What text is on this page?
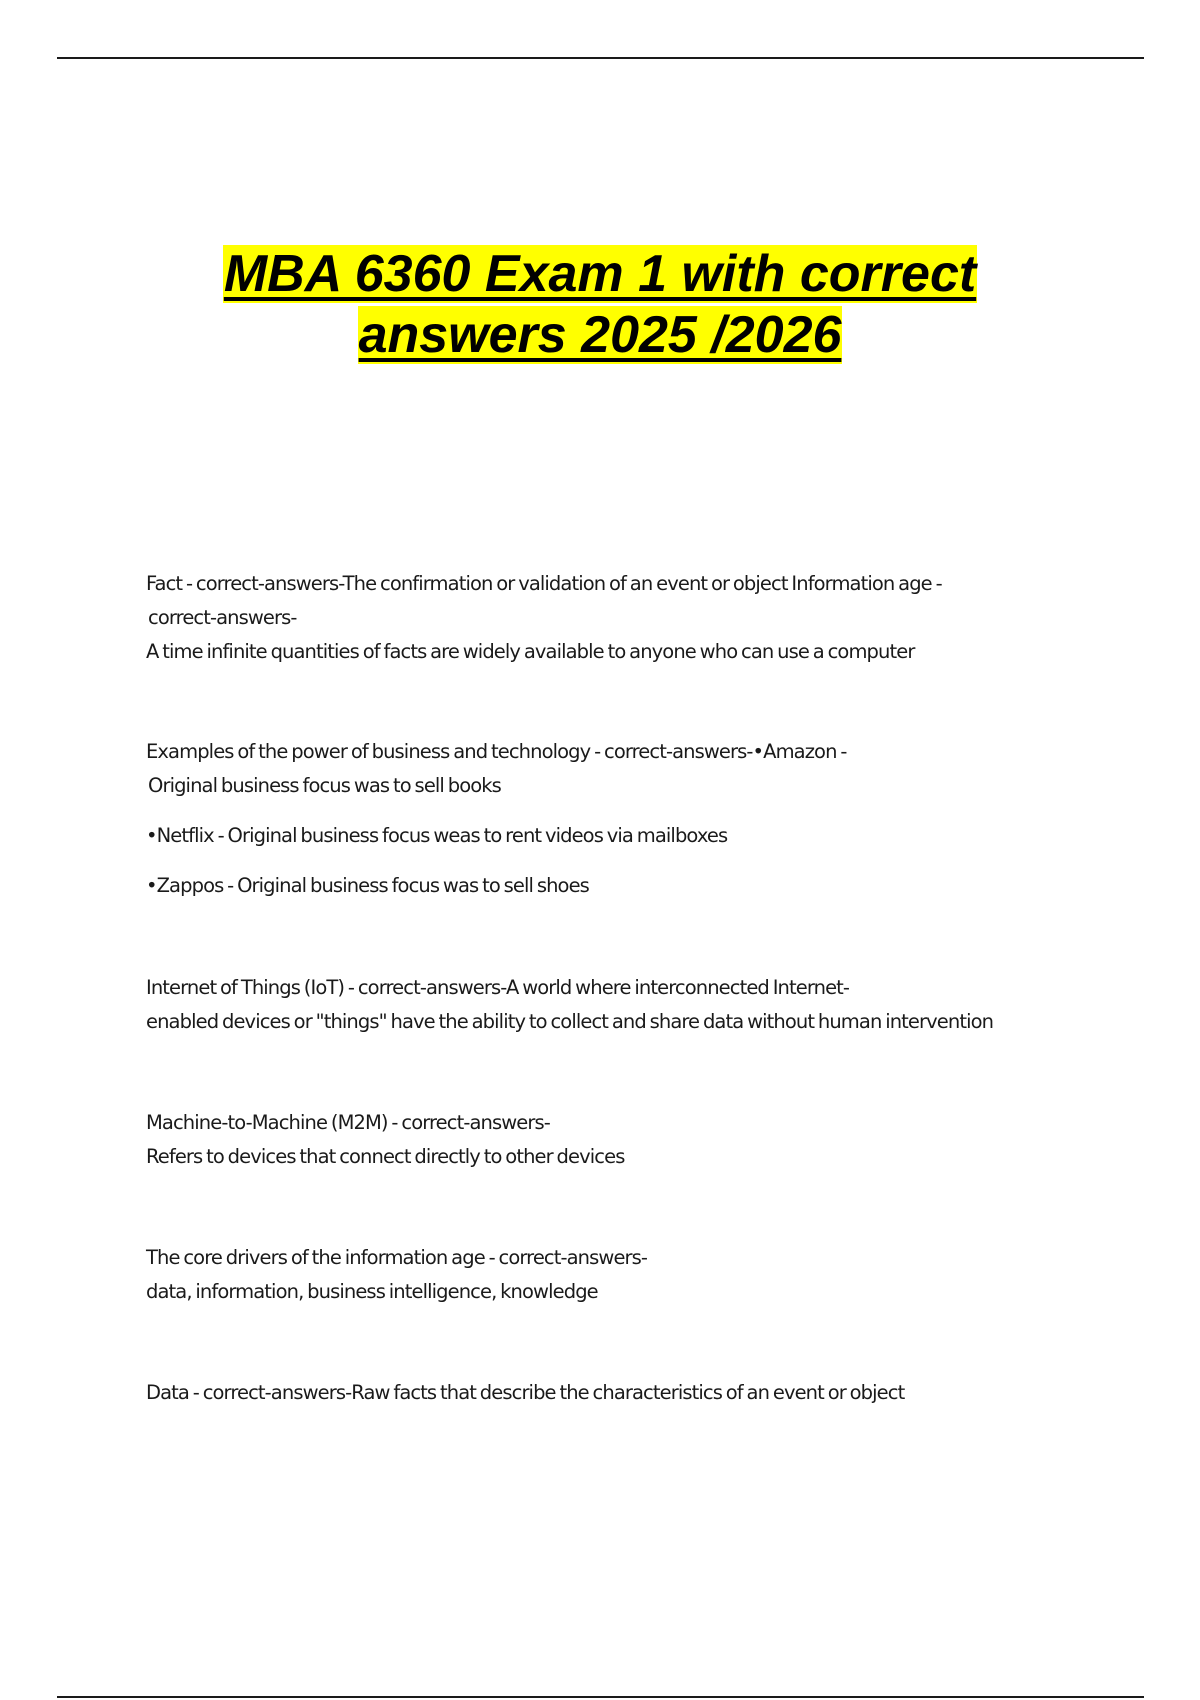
MBA 6360 Exam 1 with correct
answers 2025 /2026

Fact - correct-answers-The confirmation or validation of an event or object Information age -

correct-answers-

A time infinite quantities of facts are widely available to anyone who can use a computer

Examples of the power of business and technology - correct-answers-•Amazon -

Original business focus was to sell books

•Netflix - Original business focus weas to rent videos via mailboxes

•Zappos - Original business focus was to sell shoes

Internet of Things (IoT) - correct-answers-A world where interconnected Internet-

enabled devices or "things" have the ability to collect and share data without human intervention

Machine-to-Machine (M2M) - correct-answers-

Refers to devices that connect directly to other devices

The core drivers of the information age - correct-answers-

data, information, business intelligence, knowledge

Data - correct-answers-Raw facts that describe the characteristics of an event or object
